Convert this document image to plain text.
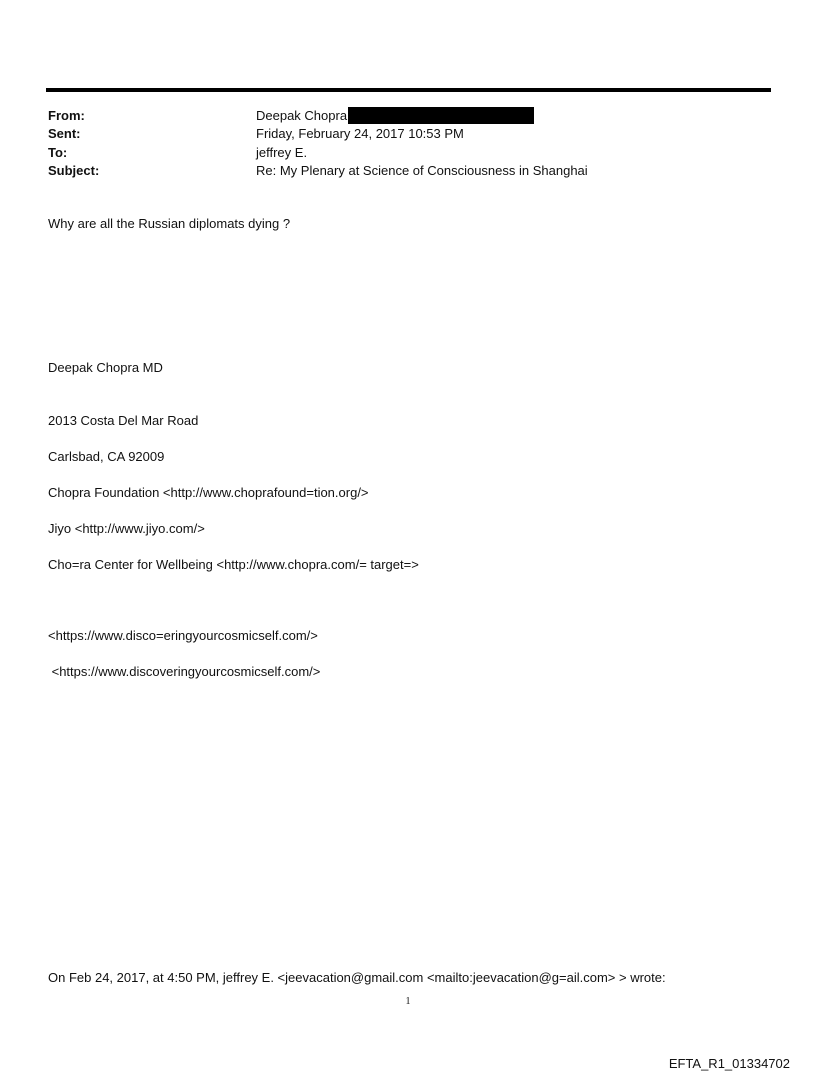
From:	Deepak Chopra
Sent:	Friday, February 24, 2017 10:53 PM
To:	jeffrey E.
Subject:	Re: My Plenary at Science of Consciousness in Shanghai
Why are all the Russian diplomats dying ?
Deepak Chopra MD
2013 Costa Del Mar Road
Carlsbad, CA 92009
Chopra Foundation <http://www.choprafound=tion.org/>
Jiyo <http://www.jiyo.com/>
Cho=ra Center for Wellbeing <http://www.chopra.com/= target=>
<https://www.disco=eringyourcosmicself.com/>
<https://www.discoveringyourcosmicself.com/>
On Feb 24, 2017, at 4:50 PM, jeffrey E. <jeevacation@gmail.com <mailto:jeevacation@g=ail.com> > wrote:
1
EFTA_R1_01334702
